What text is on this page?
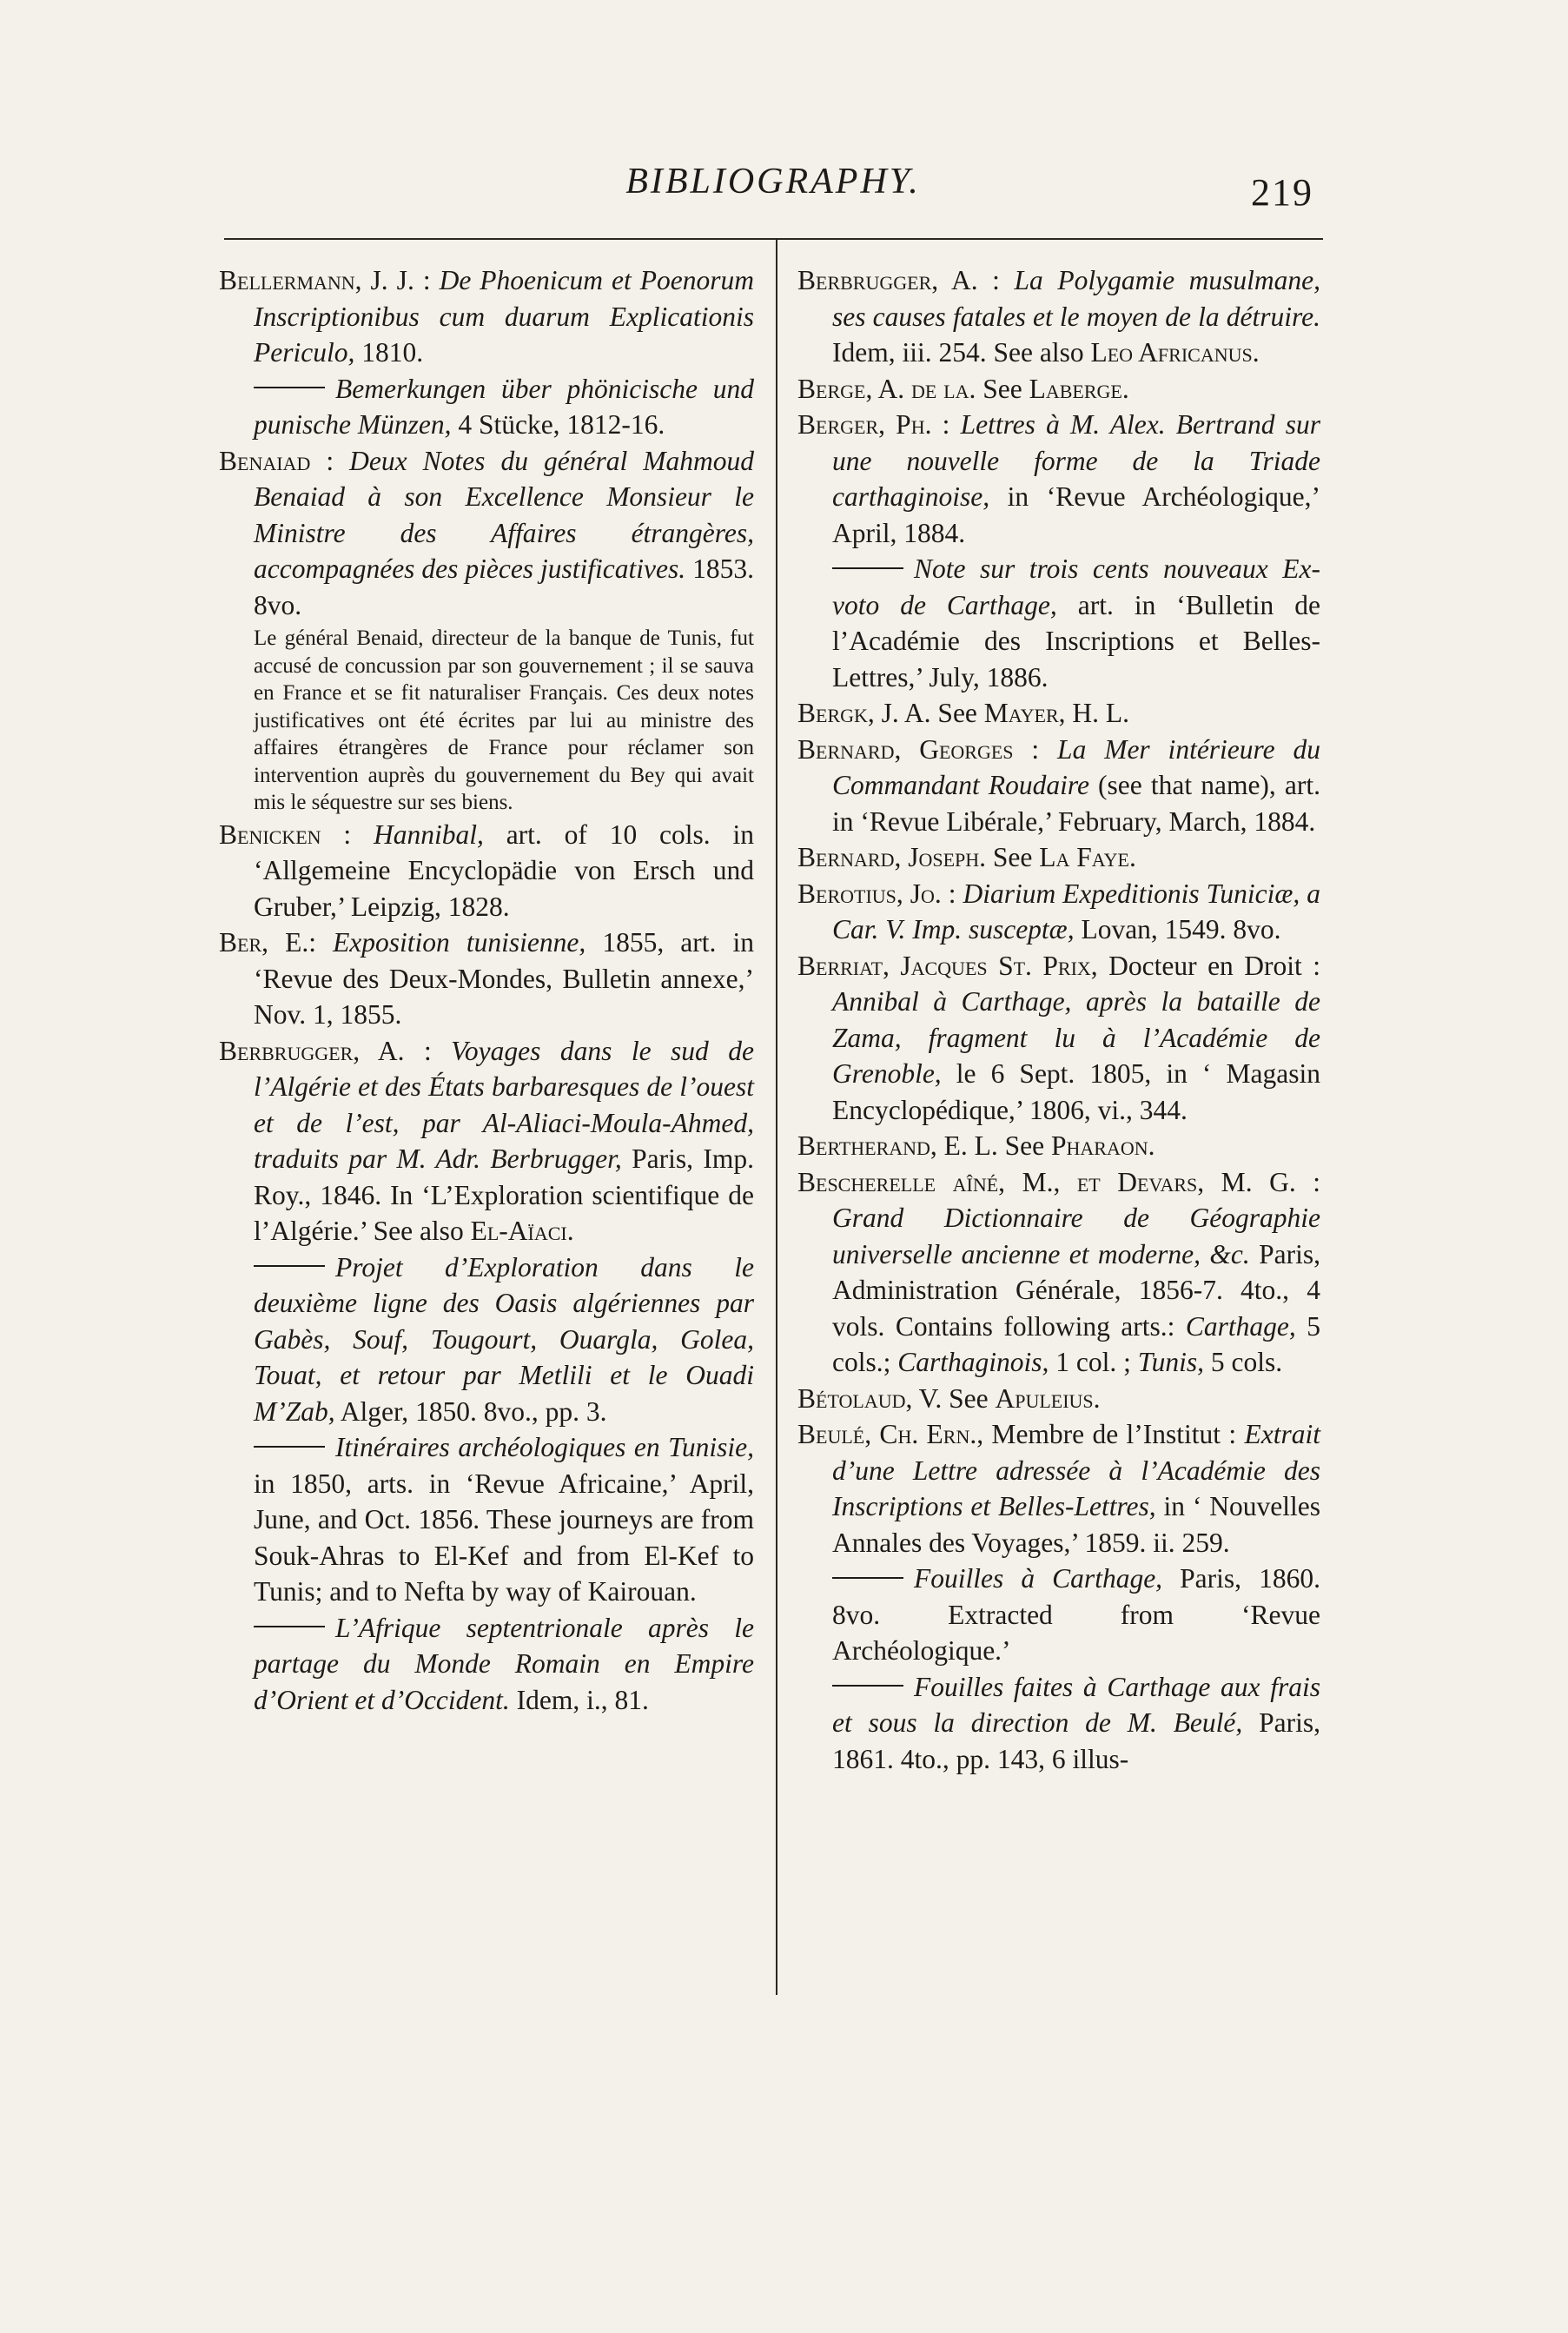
BIBLIOGRAPHY.	219

Bellermann, J. J. : De Phoenicum et Poenorum Inscriptionibus cum duarum Explicationis Periculo, 1810.

Bemerkungen über phönicische und punische Münzen, 4 Stücke, 1812-16.

Benaiad : Deux Notes du général Mahmoud Benaiad à son Excellence Monsieur le Ministre des Affaires étrangères, accompagnées des pièces justificatives. 1853. 8vo.

Le général Benaid, directeur de la banque de Tunis, fut accusé de concussion par son gouvernement ; il se sauva en France et se fit naturaliser Français. Ces deux notes justificatives ont été écrites par lui au ministre des affaires étrangères de France pour réclamer son intervention auprès du gouvernement du Bey qui avait mis le séquestre sur ses biens.

Benicken : Hannibal, art. of 10 cols. in ‘Allgemeine Encyclopädie von Ersch und Gruber,’ Leipzig, 1828.

Ber, E.: Exposition tunisienne, 1855, art. in ‘Revue des Deux-Mondes, Bulletin annexe,’ Nov. 1, 1855.

Berbrugger, A. : Voyages dans le sud de l’Algérie et des États barbaresques de l’ouest et de l’est, par Al-Aliaci-Moula-Ahmed, traduits par M. Adr. Berbrugger, Paris, Imp. Roy., 1846. In ‘L’Exploration scientifique de l’Algérie.’ See also El-Aïaci.

Projet d’Exploration dans le deuxième ligne des Oasis algériennes par Gabès, Souf, Tougourt, Ouargla, Golea, Touat, et retour par Metlili et le Ouadi M’Zab, Alger, 1850. 8vo., pp. 3.

Itinéraires archéologiques en Tunisie, in 1850, arts. in ‘Revue Africaine,’ April, June, and Oct. 1856. These journeys are from Souk-Ahras to El-Kef and from El-Kef to Tunis; and to Nefta by way of Kairouan.

L’Afrique septentrionale après le partage du Monde Romain en Empire d’Orient et d’Occident. Idem, i., 81.

Berbrugger, A. : La Polygamie musulmane, ses causes fatales et le moyen de la détruire. Idem, iii. 254. See also Leo Africanus.

Berge, A. de la. See Laberge.

Berger, Ph. : Lettres à M. Alex. Bertrand sur une nouvelle forme de la Triade carthaginoise, in ‘Revue Archéologique,’ April, 1884.

Note sur trois cents nouveaux Ex-voto de Carthage, art. in ‘Bulletin de l’Académie des Inscriptions et Belles-Lettres,’ July, 1886.

Bergk, J. A. See Mayer, H. L.

Bernard, Georges : La Mer intérieure du Commandant Roudaire (see that name), art. in ‘Revue Libérale,’ February, March, 1884.

Bernard, Joseph. See La Faye.

Berotius, Jo. : Diarium Expeditionis Tuniciæ, a Car. V. Imp. susceptæ, Lovan, 1549. 8vo.

Berriat, Jacques St. Prix, Docteur en Droit : Annibal à Carthage, après la bataille de Zama, fragment lu à l’Académie de Grenoble, le 6 Sept. 1805, in ‘ Magasin Encyclopédique,’ 1806, vi., 344.

Bertherand, E. L. See Pharaon.

Bescherelle aîné, M., et Devars, M. G. : Grand Dictionnaire de Géographie universelle ancienne et moderne, &c. Paris, Administration Générale, 1856-7. 4to., 4 vols. Contains following arts.: Carthage, 5 cols.; Carthaginois, 1 col. ; Tunis, 5 cols.

Bétolaud, V. See Apuleius.

Beulé, Ch. Ern., Membre de l’Institut : Extrait d’une Lettre adressée à l’Académie des Inscriptions et Belles-Lettres, in ‘ Nouvelles Annales des Voyages,’ 1859. ii. 259.

Fouilles à Carthage, Paris, 1860. 8vo. Extracted from ‘Revue Archéologique.’

Fouilles faites à Carthage aux frais et sous la direction de M. Beulé, Paris, 1861. 4to., pp. 143, 6 illus-
